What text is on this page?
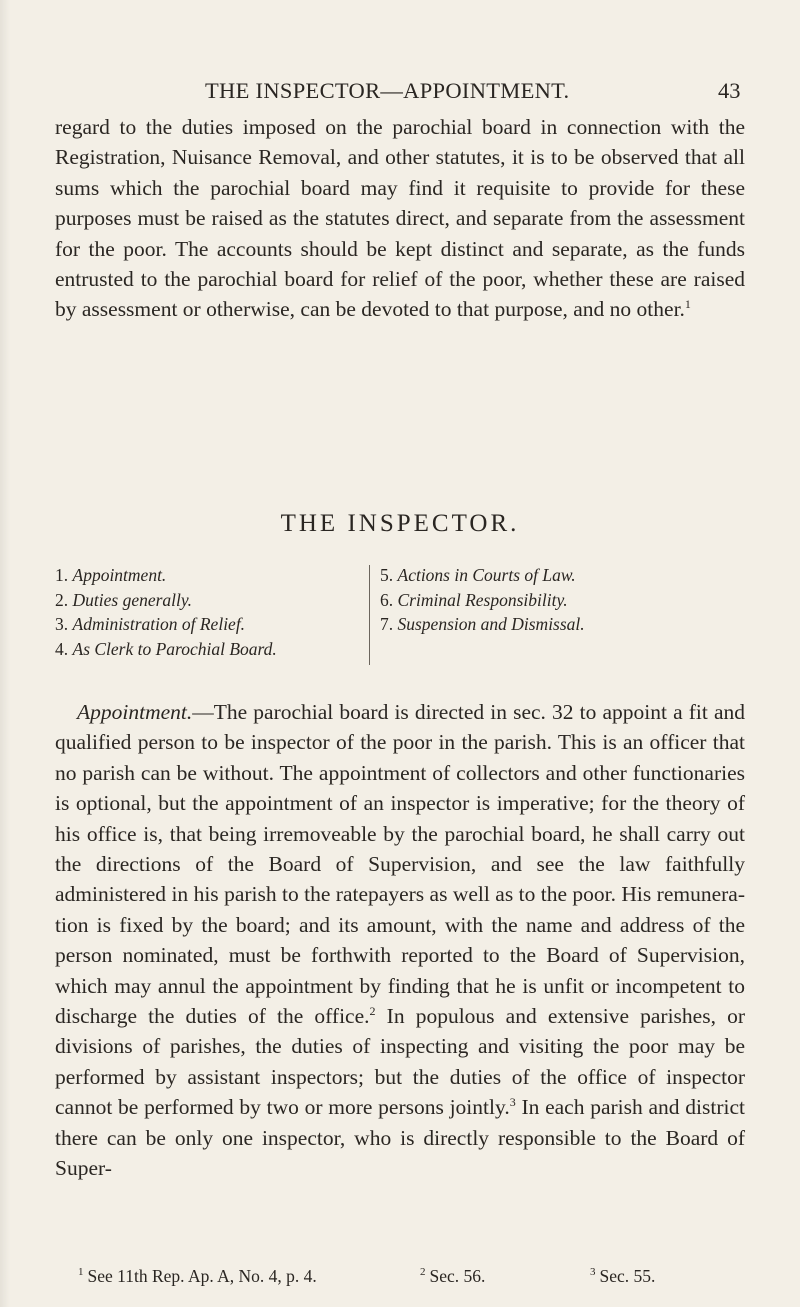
THE INSPECTOR—APPOINTMENT.	43

regard to the duties imposed on the parochial board in connection with the Registration, Nuisance Removal, and other statutes, it is to be observed that all sums which the parochial board may find it requisite to provide for these purposes must be raised as the statutes direct, and separate from the assessment for the poor. The accounts should be kept distinct and separate, as the funds entrusted to the parochial board for relief of the poor, whether these are raised by assessment or otherwise, can be devoted to that purpose, and no other.$^1$

THE INSPECTOR.
1. Appointment.
2. Duties generally.
3. Administration of Relief.
4. As Clerk to Parochial Board.
5. Actions in Courts of Law.
6. Criminal Responsibility.
7. Suspension and Dismissal.

Appointment.—The parochial board is directed in sec. 32 to appoint a fit and qualified person to be inspector of the poor in the parish. This is an officer that no parish can be without. The appointment of collectors and other functionaries is optional, but the appointment of an inspector is imperative; for the theory of his office is, that being irremoveable by the parochial board, he shall carry out the directions of the Board of Supervision, and see the law faithfully administered in his parish to the ratepayers as well as to the poor. His remuneration is fixed by the board; and its amount, with the name and address of the person nominated, must be forthwith reported to the Board of Supervision, which may annul the appointment by finding that he is unfit or incompetent to discharge the duties of the office.$^2$ In populous and extensive parishes, or divisions of parishes, the duties of inspecting and visiting the poor may be performed by assistant inspectors; but the duties of the office of inspector cannot be performed by two or more persons jointly.$^3$ In each parish and district there can be only one inspector, who is directly responsible to the Board of Super-

1 See 11th Rep. Ap. A, No. 4, p. 4.	2 Sec. 56.	3 Sec. 55.
